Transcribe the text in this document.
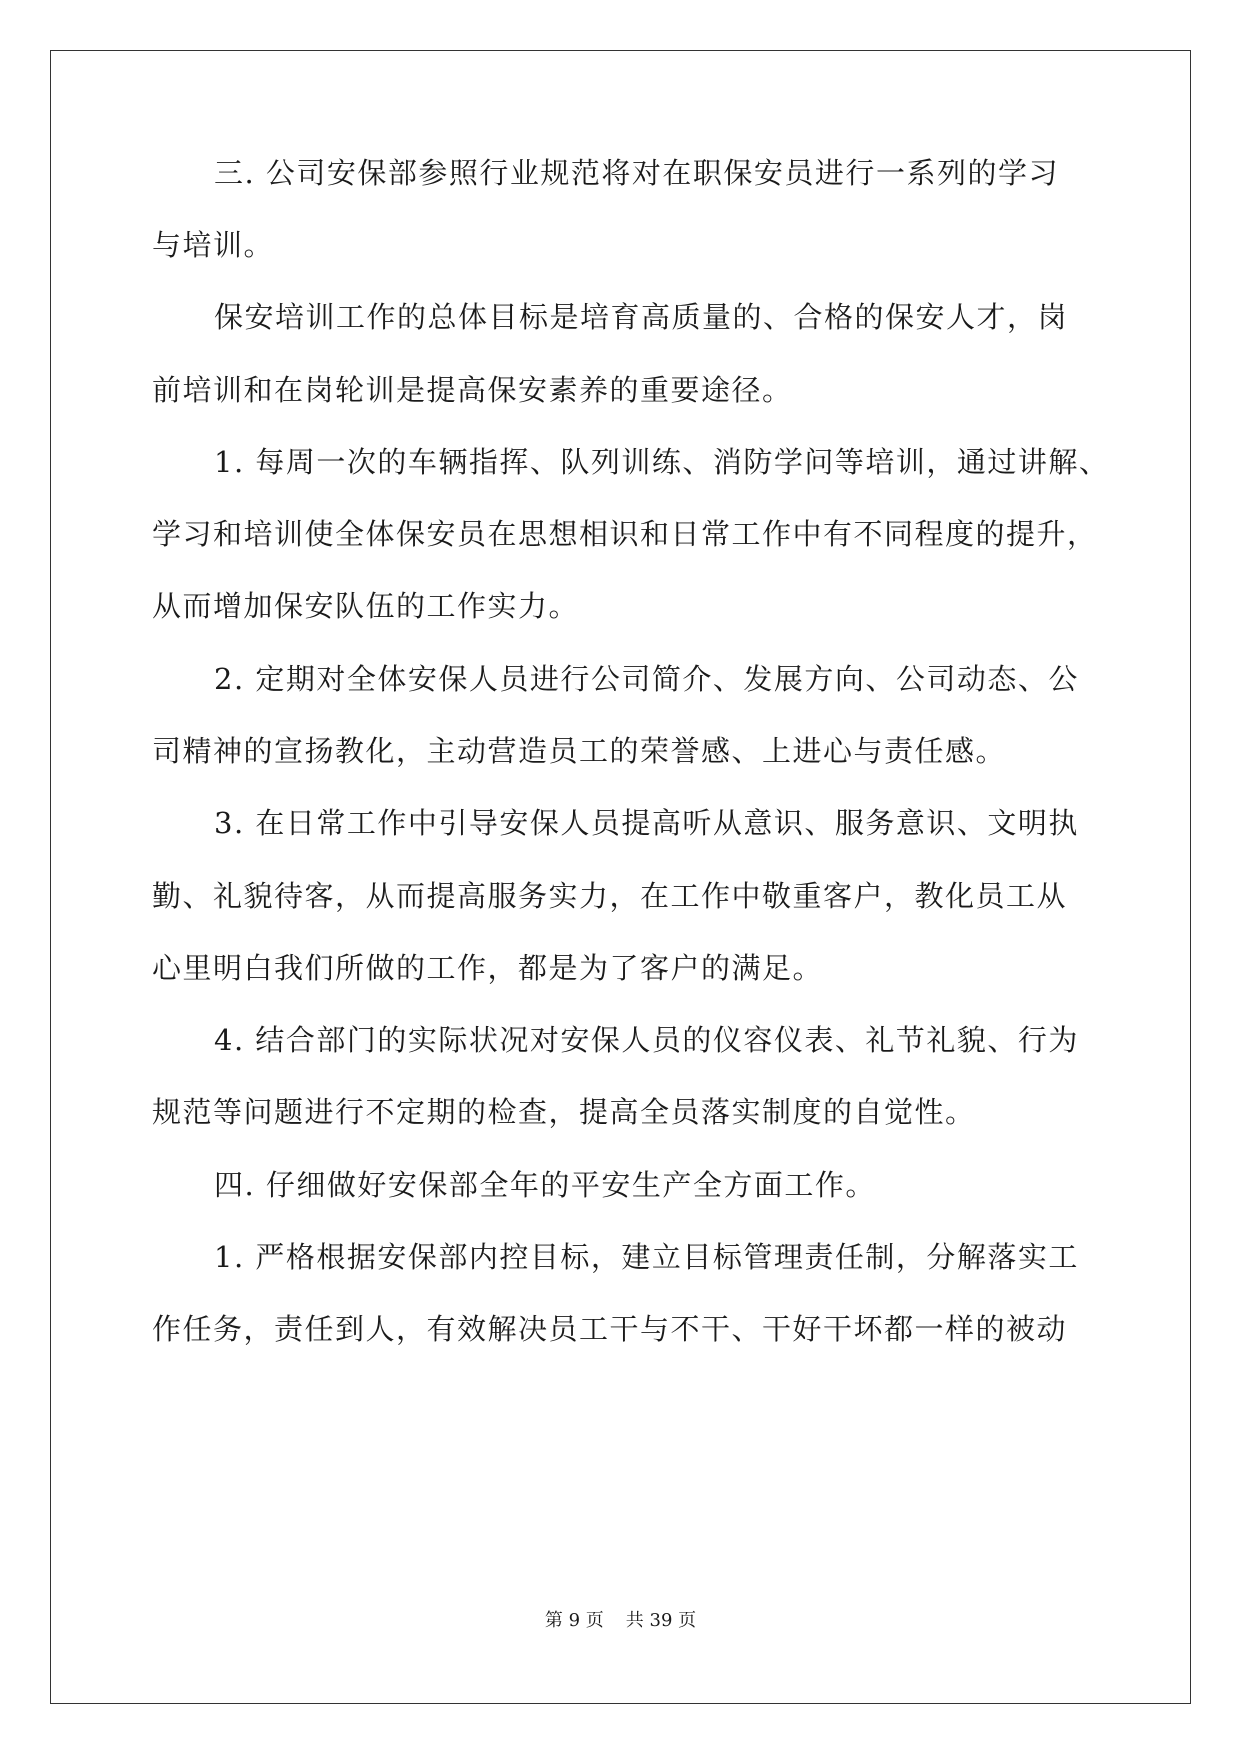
三. 公司安保部参照行业规范将对在职保安员进行一系列的学习
与培训。
保安培训工作的总体目标是培育高质量的、合格的保安人才，岗
前培训和在岗轮训是提高保安素养的重要途径。
1. 每周一次的车辆指挥、队列训练、消防学问等培训，通过讲解、
学习和培训使全体保安员在思想相识和日常工作中有不同程度的提升，
从而增加保安队伍的工作实力。
2. 定期对全体安保人员进行公司简介、发展方向、公司动态、公
司精神的宣扬教化，主动营造员工的荣誉感、上进心与责任感。
3. 在日常工作中引导安保人员提高听从意识、服务意识、文明执
勤、礼貌待客，从而提高服务实力，在工作中敬重客户，教化员工从
心里明白我们所做的工作，都是为了客户的满足。
4. 结合部门的实际状况对安保人员的仪容仪表、礼节礼貌、行为
规范等问题进行不定期的检查，提高全员落实制度的自觉性。
四. 仔细做好安保部全年的平安生产全方面工作。
1. 严格根据安保部内控目标，建立目标管理责任制，分解落实工
作任务，责任到人，有效解决员工干与不干、干好干坏都一样的被动
第 9 页 共 39 页
